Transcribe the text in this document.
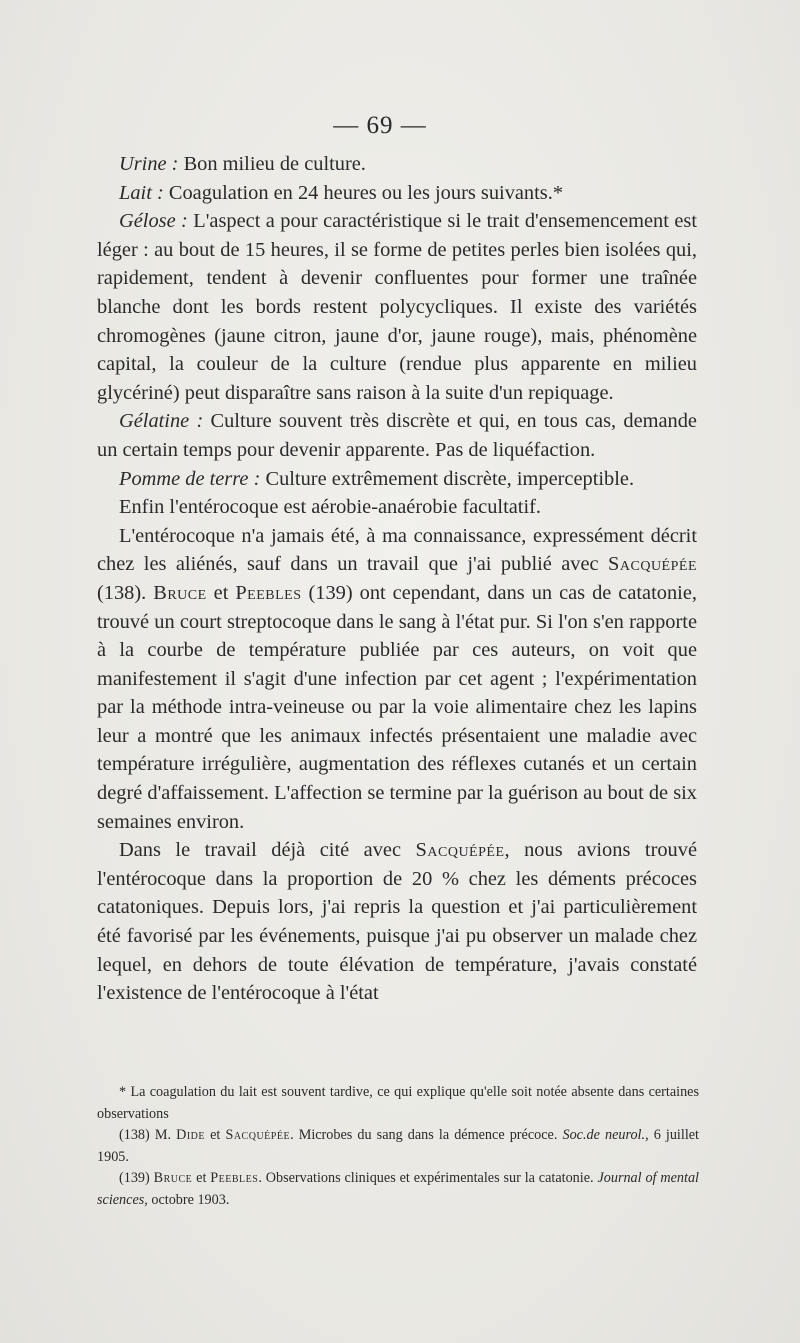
— 69 —

Urine : Bon milieu de culture.

Lait : Coagulation en 24 heures ou les jours suivants.*

Gélose : L'aspect a pour caractéristique si le trait d'ensemencement est léger : au bout de 15 heures, il se forme de petites perles bien isolées qui, rapidement, tendent à devenir confluentes pour former une traînée blanche dont les bords restent polycycliques. Il existe des variétés chromogènes (jaune citron, jaune d'or, jaune rouge), mais, phénomène capital, la couleur de la culture (rendue plus apparente en milieu glycériné) peut disparaître sans raison à la suite d'un repiquage.

Gélatine : Culture souvent très discrète et qui, en tous cas, demande un certain temps pour devenir apparente. Pas de liquéfaction.

Pomme de terre : Culture extrêmement discrète, imperceptible.

Enfin l'entérocoque est aérobie-anaérobie facultatif.

L'entérocoque n'a jamais été, à ma connaissance, expressément décrit chez les aliénés, sauf dans un travail que j'ai publié avec Sacquépée (138). Bruce et Peebles (139) ont cependant, dans un cas de catatonie, trouvé un court streptocoque dans le sang à l'état pur. Si l'on s'en rapporte à la courbe de température publiée par ces auteurs, on voit que manifestement il s'agit d'une infection par cet agent ; l'expérimentation par la méthode intra-veineuse ou par la voie alimentaire chez les lapins leur a montré que les animaux infectés présentaient une maladie avec température irrégulière, augmentation des réflexes cutanés et un certain degré d'affaissement. L'affection se termine par la guérison au bout de six semaines environ.

Dans le travail déjà cité avec Sacquépée, nous avions trouvé l'entérocoque dans la proportion de 20 % chez les déments précoces catatoniques. Depuis lors, j'ai repris la question et j'ai particulièrement été favorisé par les événements, puisque j'ai pu observer un malade chez lequel, en dehors de toute élévation de température, j'avais constaté l'existence de l'entérocoque à l'état

* La coagulation du lait est souvent tardive, ce qui explique qu'elle soit notée absente dans certaines observations

(138) M. Dide et Sacquépée. Microbes du sang dans la démence précoce. Soc.de neurol., 6 juillet 1905.

(139) Bruce et Peebles. Observations cliniques et expérimentales sur la catatonie. Journal of mental sciences, octobre 1903.
